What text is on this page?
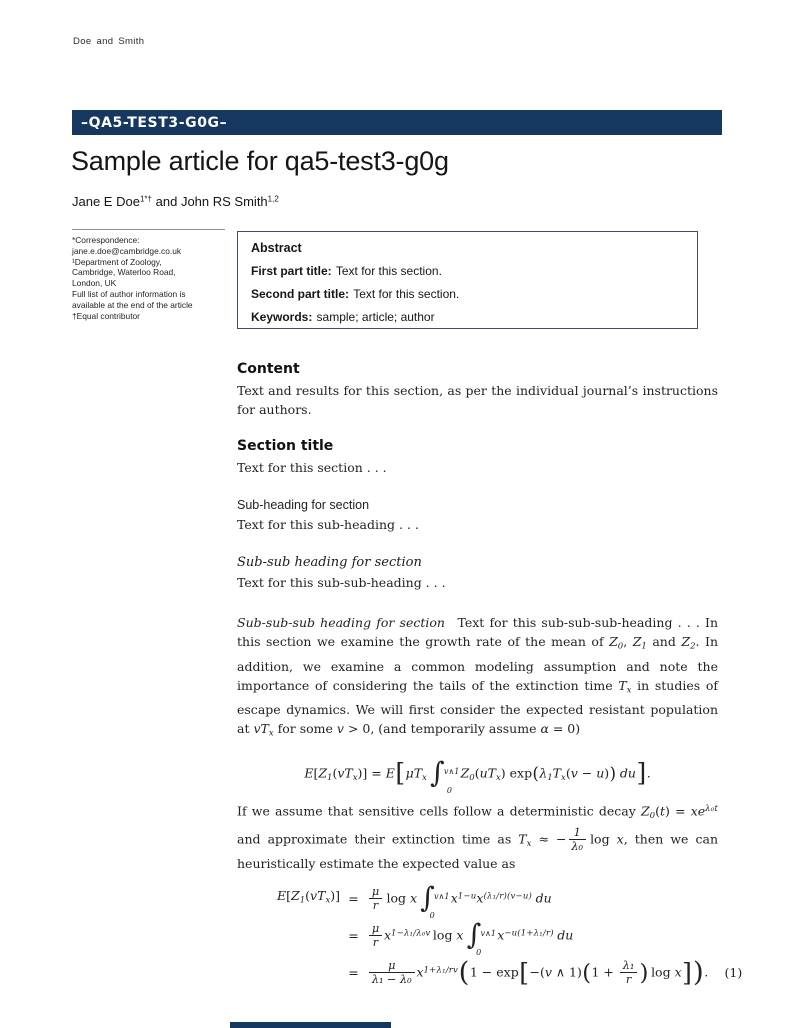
Doe and Smith
–QA5-TEST3-G0G–
Sample article for qa5-test3-g0g
Jane E Doe$^{1*\dagger}$ and John RS Smith$^{1,2}$
*Correspondence:
jane.e.doe@cambridge.co.uk
¹Department of Zoology,
Cambridge, Waterloo Road,
London, UK
Full list of author information is
available at the end of the article
†Equal contributor
Abstract
First part title: Text for this section.
Second part title: Text for this section.
Keywords: sample; article; author
Content
Text and results for this section, as per the individual journal’s instructions for authors.
Section title
Text for this section . . .
Sub-heading for section
Text for this sub-heading . . .
Sub-sub heading for section
Text for this sub-sub-heading . . .
Sub-sub-sub heading for section Text for this sub-sub-sub-heading . . . In this section we examine the growth rate of the mean of $Z_0$, $Z_1$ and $Z_2$. In addition, we examine a common modeling assumption and note the importance of considering the tails of the extinction time $T_x$ in studies of escape dynamics. We will first consider the expected resistant population at $vT_x$ for some v > 0, (and temporarily assume α = 0)
$E[Z_1(vT_x)] = E[\mu T_x$ ∫ v∧1
0
$Z_0(uT_x) \exp(\lambda_1T_x(v - u))$ du].
If we assume that sensitive cells follow a deterministic decay $Z_0(t) = xe^{\lambda_0t}$ and approximate their extinction time as $T_x$ ≈ − $\frac{1}{\text{λ₀}}$ log x, then we can heuristically estimate the expected value as
$E[Z_1(vT_x)] = \frac{\mu}{r}$ log x ∫ v∧1
0
$x^{1-u}x^{(\lambda_1/r)(v-u)}$ du
= $\frac{\mu}{r} x^{1-\lambda_1/\lambda_0v}$ log x ∫ v∧1
0
$x^{-u(1+\lambda_1/r)}$ du
= $\frac{\mu}{\text{λ₁ − λ₀}} x^{1+\lambda_1/rv}(1 - \exp[-(v$ ∧ $1)(1 + \frac{\text{λ₁}}{r}$ ) log x]).	(1)
